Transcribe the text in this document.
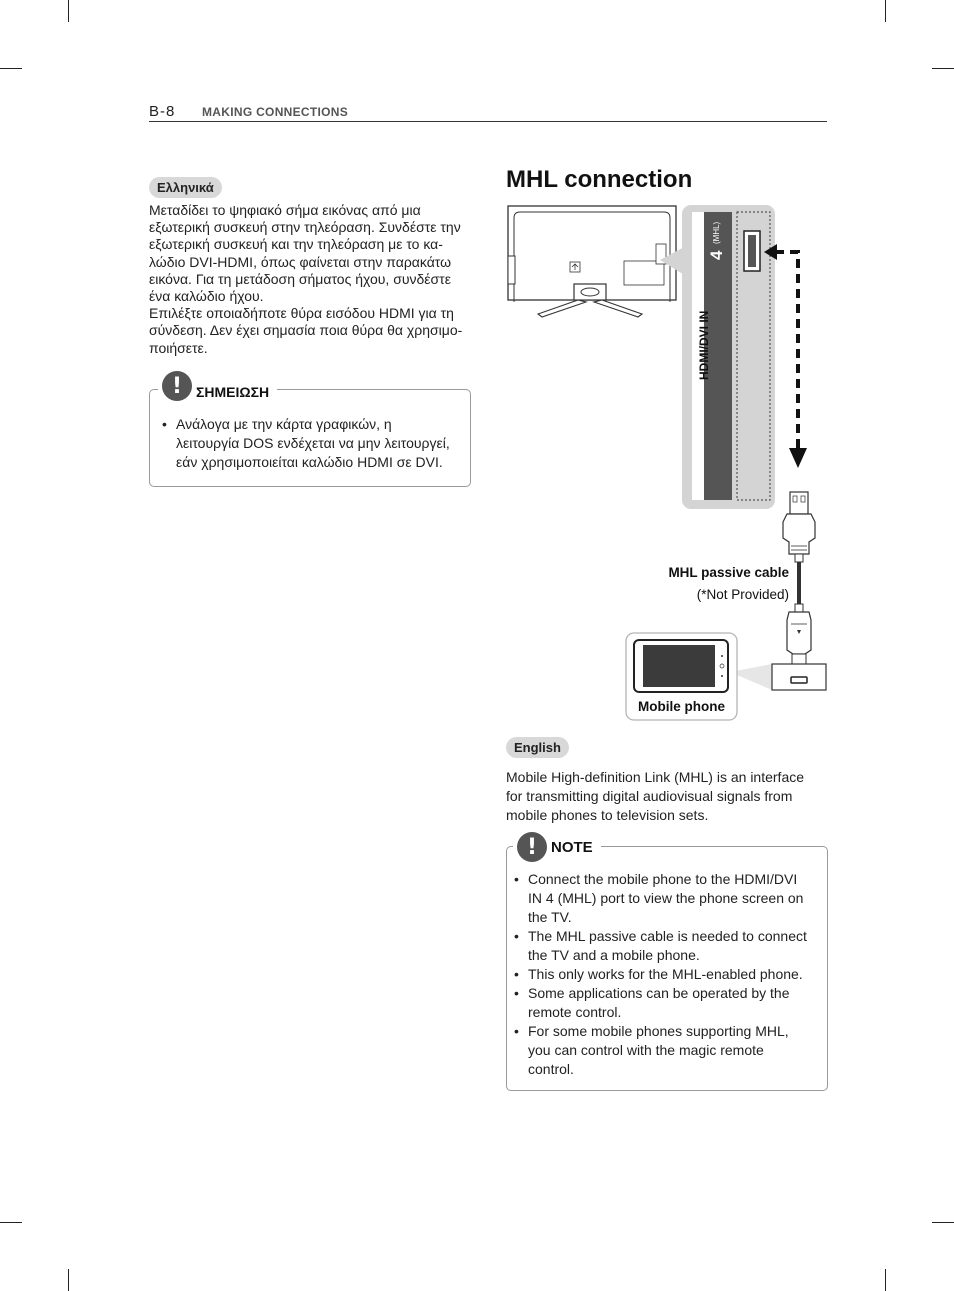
B-8 MAKING CONNECTIONS
Ελληνικά

Μεταδίδει το ψηφιακό σήμα εικόνας από μια
εξωτερική συσκευή στην τηλεόραση. Συνδέστε την
εξωτερική συσκευή και την τηλεόραση με το κα-
λώδιο DVI-HDMI, όπως φαίνεται στην παρακάτω
εικόνα. Για τη μετάδοση σήματος ήχου, συνδέστε
ένα καλώδιο ήχου.
Επιλέξτε οποιαδήποτε θύρα εισόδου HDMI για τη
σύνδεση. Δεν έχει σημασία ποια θύρα θα χρησιμο-
ποιήσετε.

! ΣΗΜΕΙΩΣΗ
• Ανάλογα με την κάρτα γραφικών, η
λειτουργία DOS ενδέχεται να μην λειτουργεί,
εάν χρησιμοποιείται καλώδιο HDMI σε DVI.
MHL connection
4
(MHL)
HDMI/DVI IN
MHL passive cable
(*Not Provided)
Mobile phone
English

Mobile High-definition Link (MHL) is an interface
for transmitting digital audiovisual signals from
mobile phones to television sets.

! NOTE
• Connect the mobile phone to the HDMI/DVI
IN 4 (MHL) port to view the phone screen on
the TV.
• The MHL passive cable is needed to connect
the TV and a mobile phone.
• This only works for the MHL-enabled phone.
• Some applications can be operated by the
remote control.
• For some mobile phones supporting MHL,
you can control with the magic remote
control.
